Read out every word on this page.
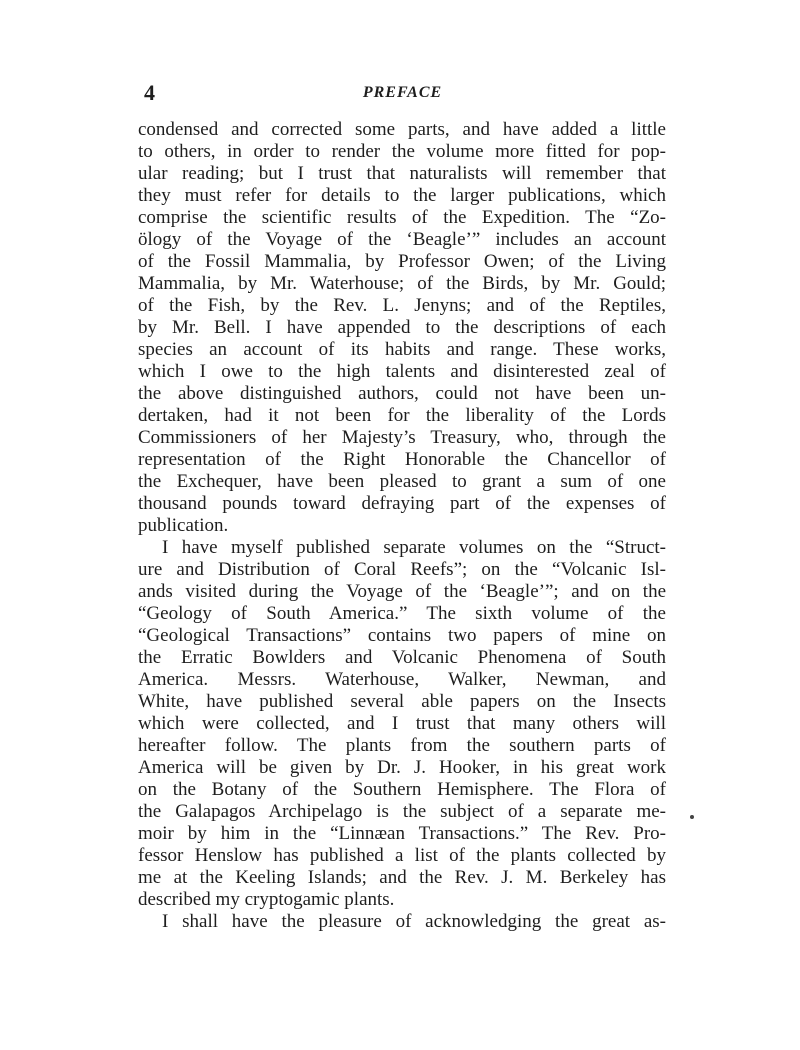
4	PREFACE
condensed and corrected some parts, and have added a little
to others, in order to render the volume more fitted for pop-
ular reading; but I trust that naturalists will remember that
they must refer for details to the larger publications, which
comprise the scientific results of the Expedition. The “Zo-
ölogy of the Voyage of the ‘Beagle’” includes an account
of the Fossil Mammalia, by Professor Owen; of the Living
Mammalia, by Mr. Waterhouse; of the Birds, by Mr. Gould;
of the Fish, by the Rev. L. Jenyns; and of the Reptiles,
by Mr. Bell. I have appended to the descriptions of each
species an account of its habits and range. These works,
which I owe to the high talents and disinterested zeal of
the above distinguished authors, could not have been un-
dertaken, had it not been for the liberality of the Lords
Commissioners of her Majesty’s Treasury, who, through the
representation of the Right Honorable the Chancellor of
the Exchequer, have been pleased to grant a sum of one
thousand pounds toward defraying part of the expenses of
publication.
I have myself published separate volumes on the “Struct-
ure and Distribution of Coral Reefs”; on the “Volcanic Isl-
ands visited during the Voyage of the ‘Beagle’”; and on the
“Geology of South America.” The sixth volume of the
“Geological Transactions” contains two papers of mine on
the Erratic Bowlders and Volcanic Phenomena of South
America. Messrs. Waterhouse, Walker, Newman, and
White, have published several able papers on the Insects
which were collected, and I trust that many others will
hereafter follow. The plants from the southern parts of
America will be given by Dr. J. Hooker, in his great work
on the Botany of the Southern Hemisphere. The Flora of
the Galapagos Archipelago is the subject of a separate me-
moir by him in the “Linnæan Transactions.” The Rev. Pro-
fessor Henslow has published a list of the plants collected by
me at the Keeling Islands; and the Rev. J. M. Berkeley has
described my cryptogamic plants.
I shall have the pleasure of acknowledging the great as-
